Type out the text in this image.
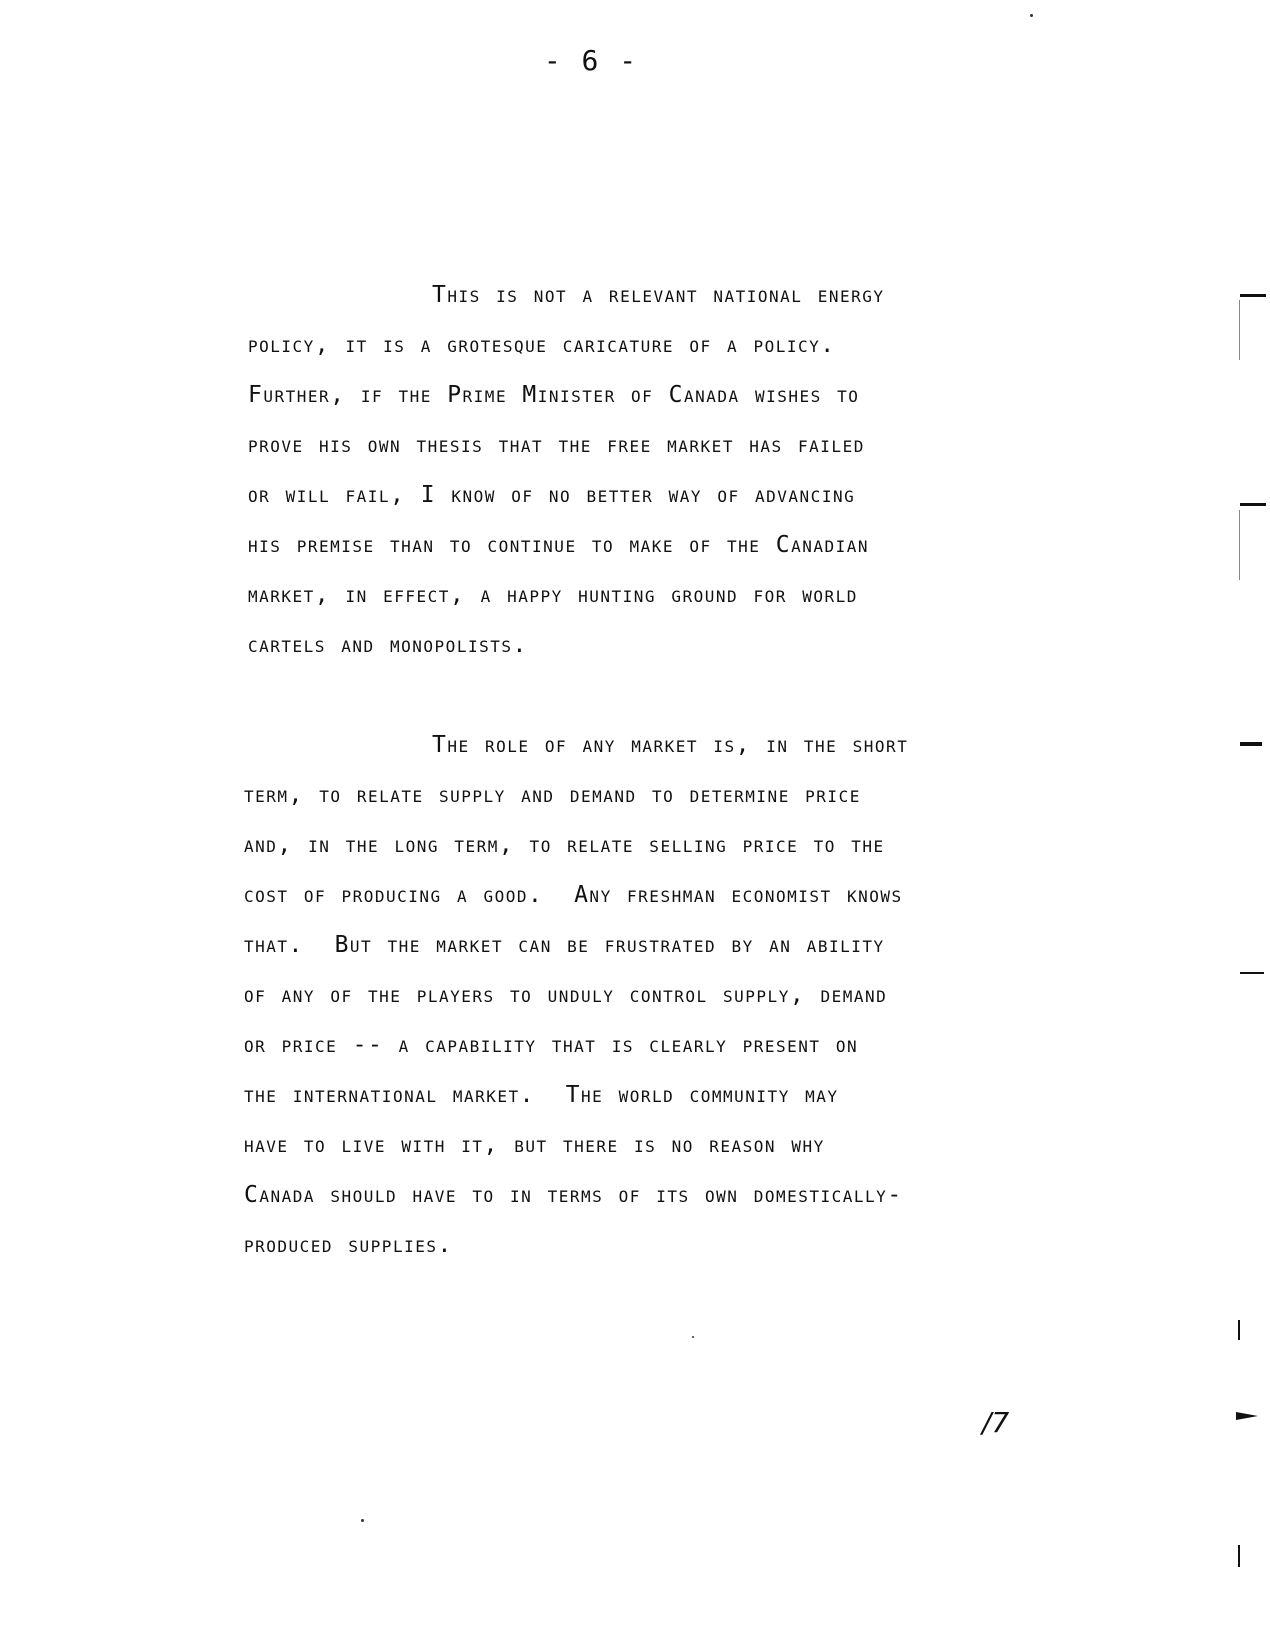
- 6 -
This is not a relevant national energy
policy, it is a grotesque caricature of a policy.
Further, if the Prime Minister of Canada wishes to
prove his own thesis that the free market has failed
or will fail, I know of no better way of advancing
his premise than to continue to make of the Canadian
market, in effect, a happy hunting ground for world
cartels and monopolists.
The role of any market is, in the short
term, to relate supply and demand to determine price
and, in the long term, to relate selling price to the
cost of producing a good.  Any freshman economist knows
that.  But the market can be frustrated by an ability
of any of the players to unduly control supply, demand
or price -- a capability that is clearly present on
the international market.  The world community may
have to live with it, but there is no reason why
Canada should have to in terms of its own domestically-
produced supplies.
/7
